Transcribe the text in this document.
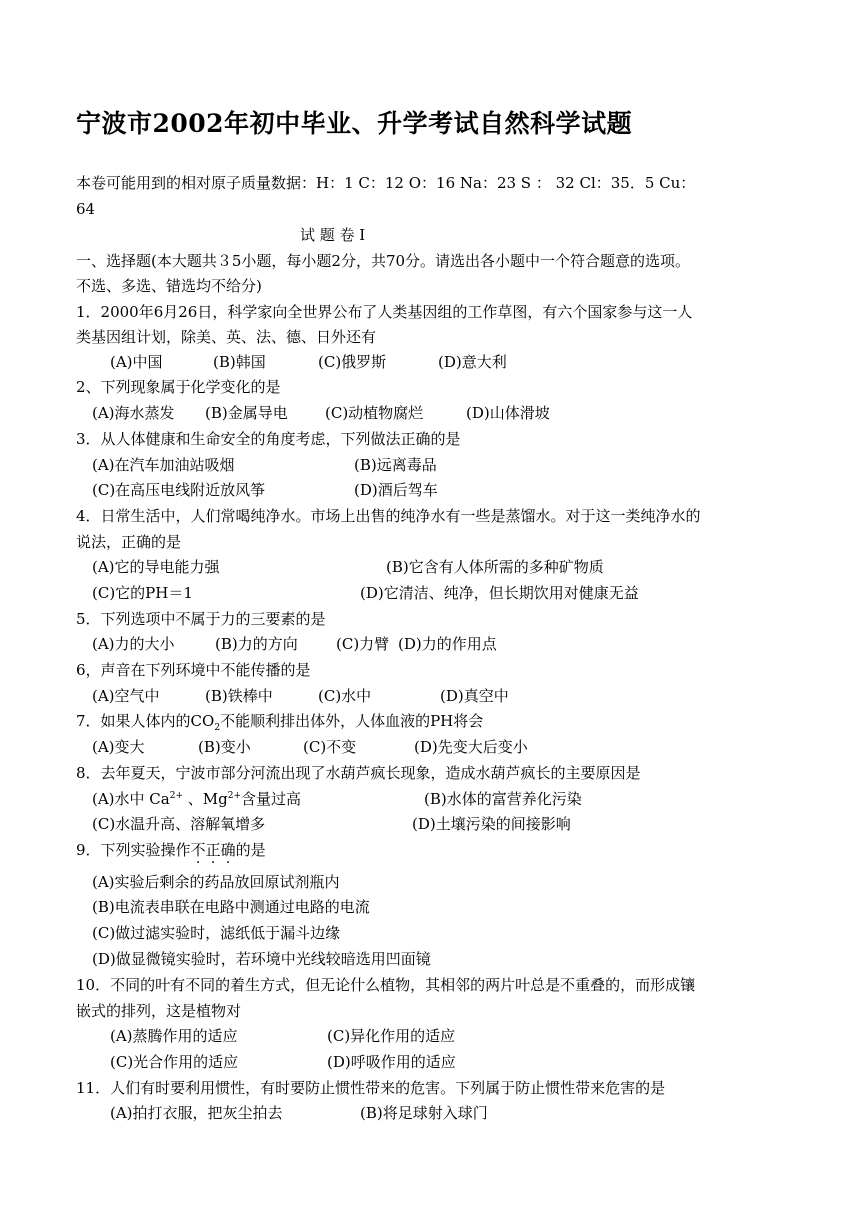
宁波市2002年初中毕业、升学考试自然科学试题
本卷可能用到的相对原子质量数据：H：1 C：12 O：16 Na：23 S ： 32 Cl：35．5 Cu：
64
试 题 卷 I
一、选择题(本大题共３5小题，每小题2分，共70分。请选出各小题中一个符合题意的选项。
不选、多选、错选均不给分)
1．2000年6月26日，科学家向全世界公布了人类基因组的工作草图，有六个国家参与这一人
类基因组计划，除美、英、法、德、日外还有
(A)中国	(B)韩国	(C)俄罗斯	(D)意大利
2、下列现象属于化学变化的是
(A)海水蒸发 (B)金属导电 (C)动植物腐烂	(D)山体滑坡
3．从人体健康和生命安全的角度考虑，下列做法正确的是
(A)在汽车加油站吸烟	(B)远离毒品
(C)在高压电线附近放风筝	(D)酒后驾车
4．日常生活中，人们常喝纯净水。市场上出售的纯净水有一些是蒸馏水。对于这一类纯净水的
说法，正确的是
(A)它的导电能力强	(B)它含有人体所需的多种矿物质
(C)它的PH＝1	(D)它清洁、纯净，但长期饮用对健康无益
5．下列选项中不属于力的三要素的是
(A)力的大小	(B)力的方向	(C)力臂 (D)力的作用点
6，声音在下列环境中不能传播的是
(A)空气中	(B)铁棒中	(C)水中	(D)真空中
7．如果人体内的$CO_2$不能顺利排出体外，人体血液的PH将会
(A)变大	(B)变小	(C)不变	(D)先变大后变小
8．去年夏天，宁波市部分河流出现了水葫芦疯长现象，造成水葫芦疯长的主要原因是
(A)水中 $Ca^{2+}$ 、$Mg^{2+}$含量过高	(B)水体的富营养化污染
(C)水温升高、溶解氧增多	(D)土壤污染的间接影响
9．下列实验操作不正确的是
(A)实验后剩余的药品放回原试剂瓶内
(B)电流表串联在电路中测通过电路的电流
(C)做过滤实验时，滤纸低于漏斗边缘
(D)做显微镜实验时，若环境中光线较暗选用凹面镜
10．不同的叶有不同的着生方式，但无论什么植物，其相邻的两片叶总是不重叠的，而形成镶
嵌式的排列，这是植物对
(A)蒸腾作用的适应	(C)异化作用的适应
(C)光合作用的适应	(D)呼吸作用的适应
11．人们有时要利用惯性，有时要防止惯性带来的危害。下列属于防止惯性带来危害的是
(A)拍打衣服，把灰尘拍去	(B)将足球射入球门
